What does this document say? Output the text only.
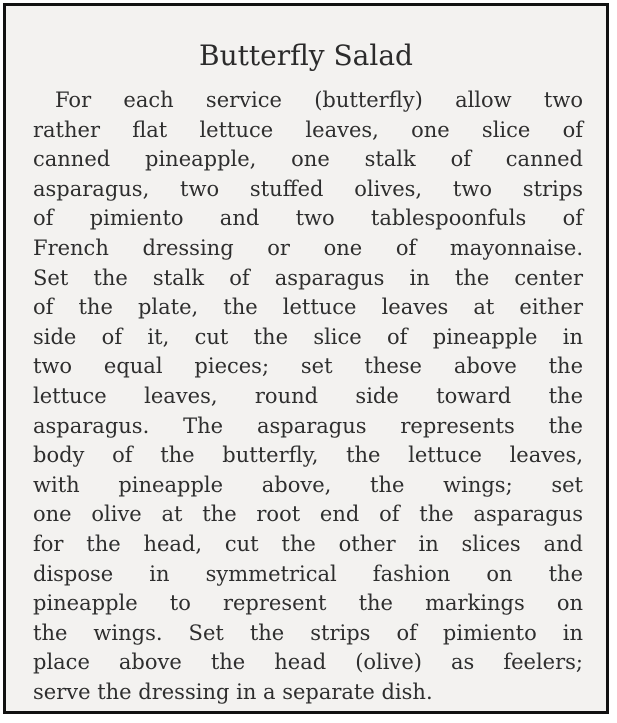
Butterfly Salad
For each service (butterfly) allow two
rather flat lettuce leaves, one slice of
canned pineapple, one stalk of canned
asparagus, two stuffed olives, two strips
of pimiento and two tablespoonfuls of
French dressing or one of mayonnaise.
Set the stalk of asparagus in the center
of the plate, the lettuce leaves at either
side of it, cut the slice of pineapple in
two equal pieces; set these above the
lettuce leaves, round side toward the
asparagus. The asparagus represents the
body of the butterfly, the lettuce leaves,
with pineapple above, the wings; set
one olive at the root end of the asparagus
for the head, cut the other in slices and
dispose in symmetrical fashion on the
pineapple to represent the markings on
the wings. Set the strips of pimiento in
place above the head (olive) as feelers;
serve the dressing in a separate dish.
